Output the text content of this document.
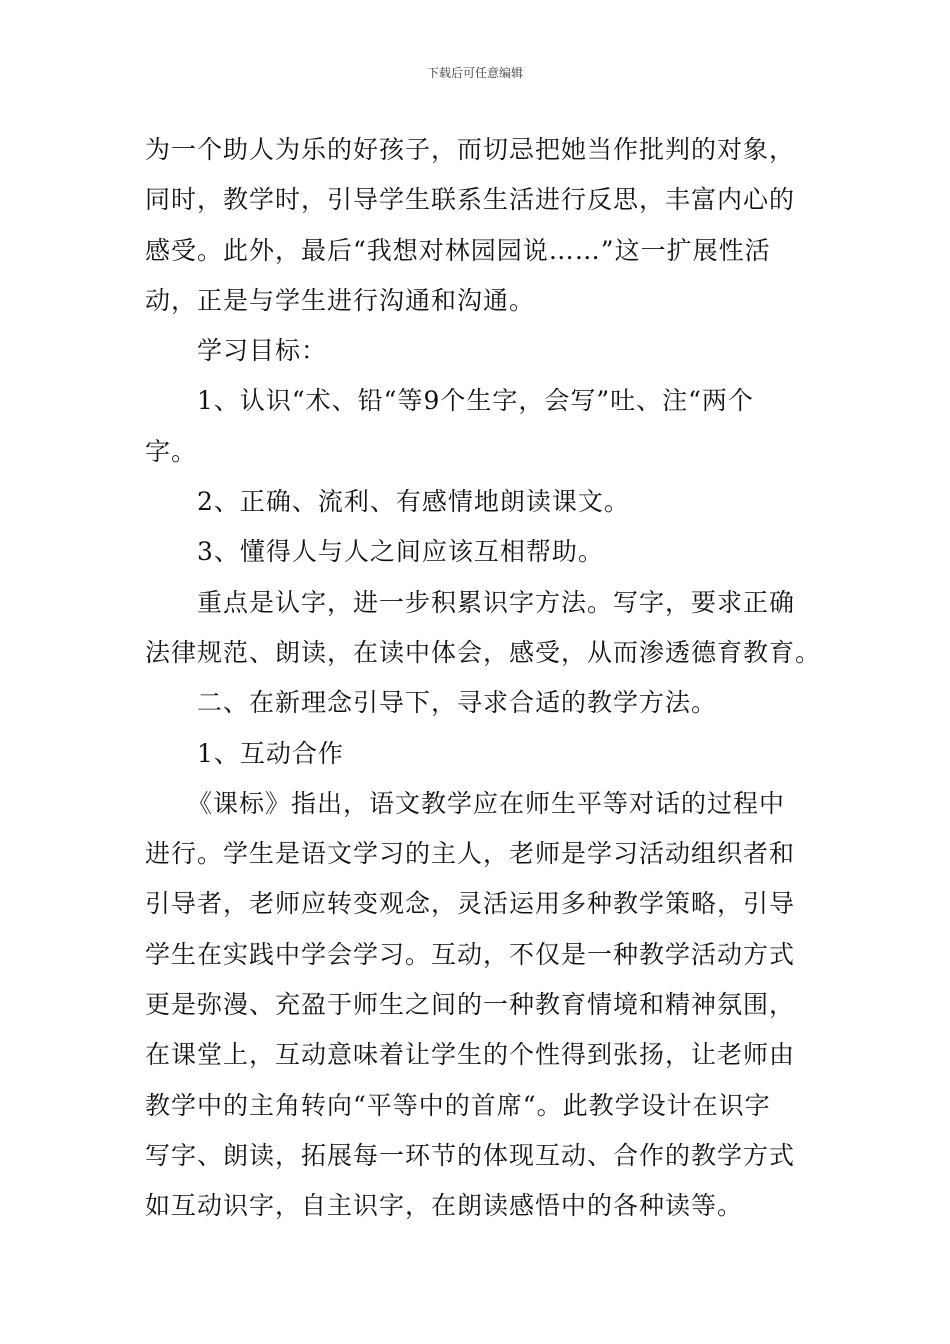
下载后可任意编辑
为一个助人为乐的好孩子，而切忌把她当作批判的对象，
同时，教学时，引导学生联系生活进行反思，丰富内心的
感受。此外，最后“我想对林园园说……”这一扩展性活
动，正是与学生进行沟通和沟通。
学习目标：
1、认识“术、铅“等9个生字，会写”吐、注“两个
字。
2、正确、流利、有感情地朗读课文。
3、懂得人与人之间应该互相帮助。
重点是认字，进一步积累识字方法。写字，要求正确
法律规范、朗读，在读中体会，感受，从而渗透德育教育。
二、在新理念引导下，寻求合适的教学方法。
1、互动合作
《课标》指出，语文教学应在师生平等对话的过程中
进行。学生是语文学习的主人，老师是学习活动组织者和
引导者，老师应转变观念，灵活运用多种教学策略，引导
学生在实践中学会学习。互动，不仅是一种教学活动方式
更是弥漫、充盈于师生之间的一种教育情境和精神氛围，
在课堂上，互动意味着让学生的个性得到张扬，让老师由
教学中的主角转向“平等中的首席“。此教学设计在识字
写字、朗读，拓展每一环节的体现互动、合作的教学方式
如互动识字，自主识字，在朗读感悟中的各种读等。
